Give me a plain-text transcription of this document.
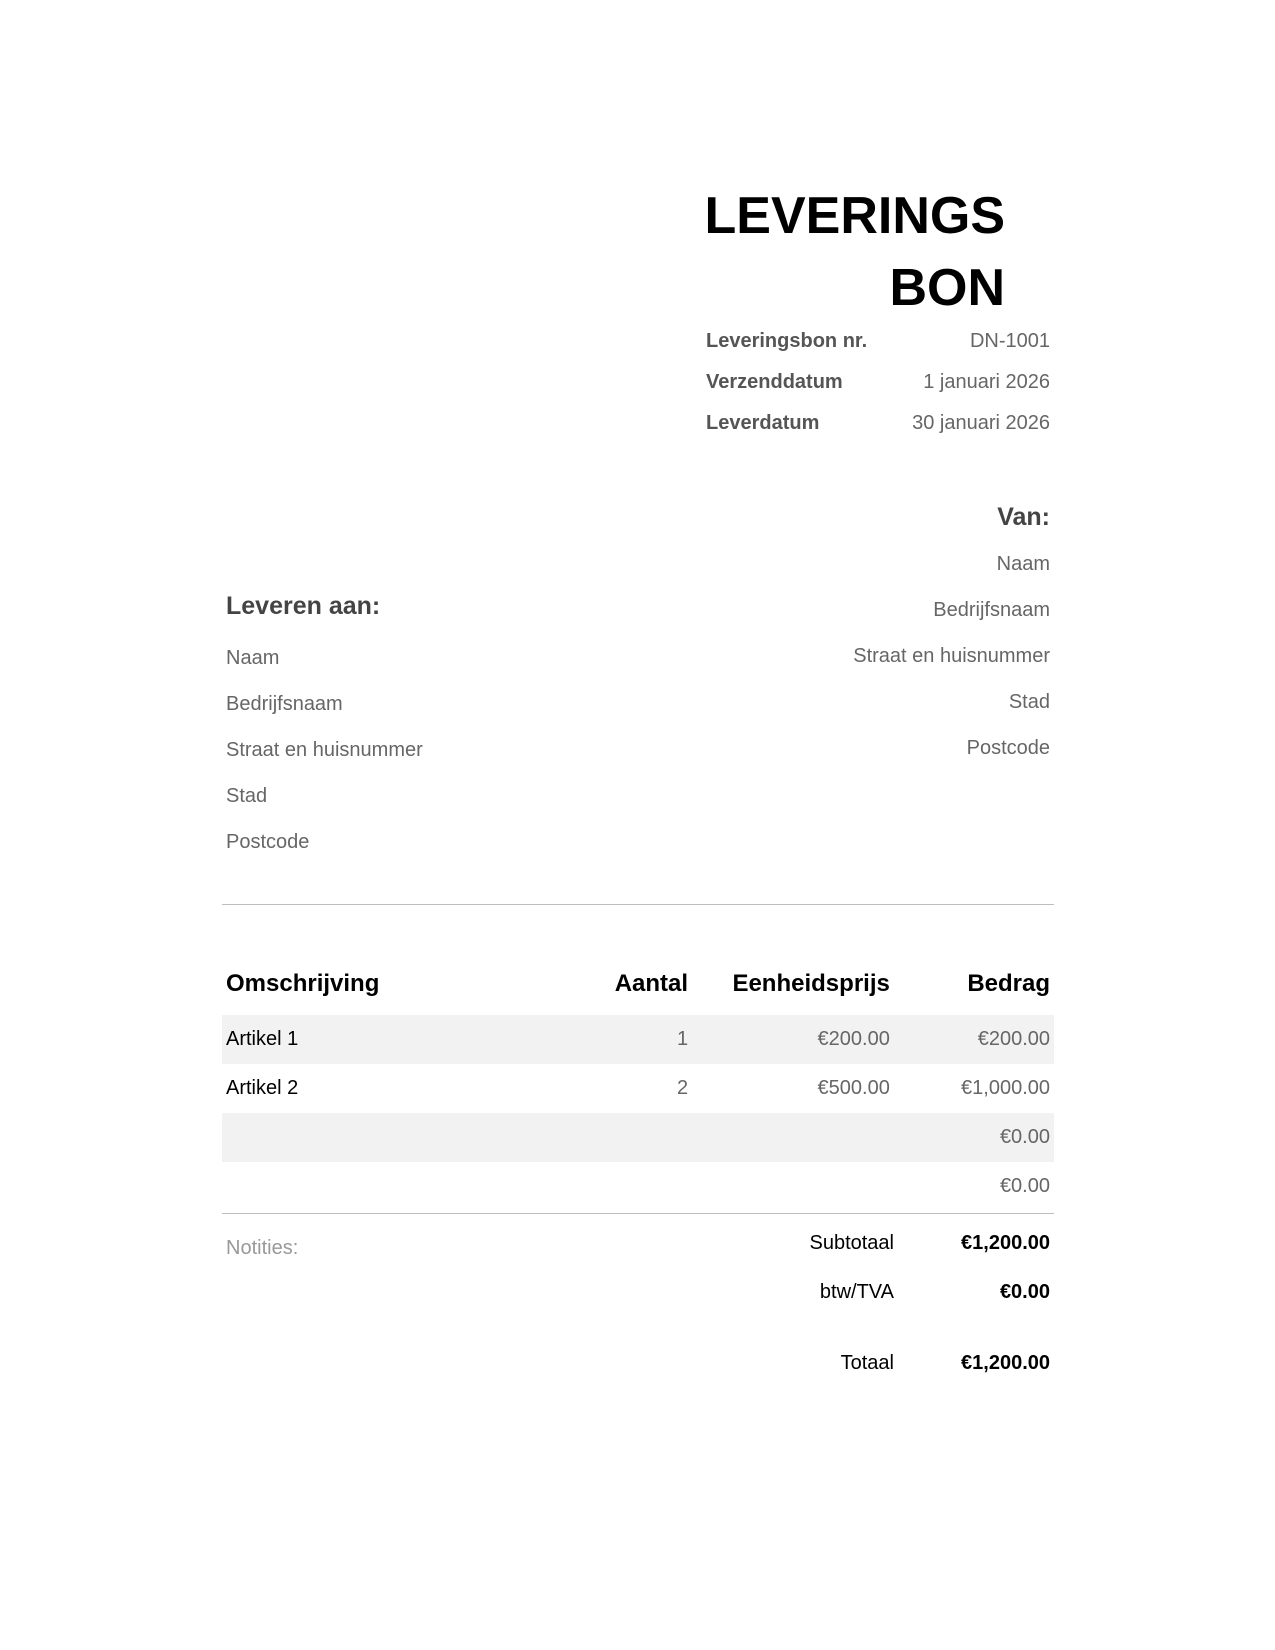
LEVERINGS
BON
Leveringsbon nr.	DN-1001
Verzenddatum	1 januari 2026
Leverdatum	30 januari 2026
Van:
Naam
Bedrijfsnaam
Straat en huisnummer
Stad
Postcode
Leveren aan:
Naam
Bedrijfsnaam
Straat en huisnummer
Stad
Postcode
Omschrijving	Aantal	Eenheidsprijs	Bedrag
Artikel 1	1	€200.00	€200.00
Artikel 2	2	€500.00	€1,000.00
			€0.00
			€0.00
Notities:	Subtotaal	€1,200.00
btw/TVA	€0.00
Totaal	€1,200.00
